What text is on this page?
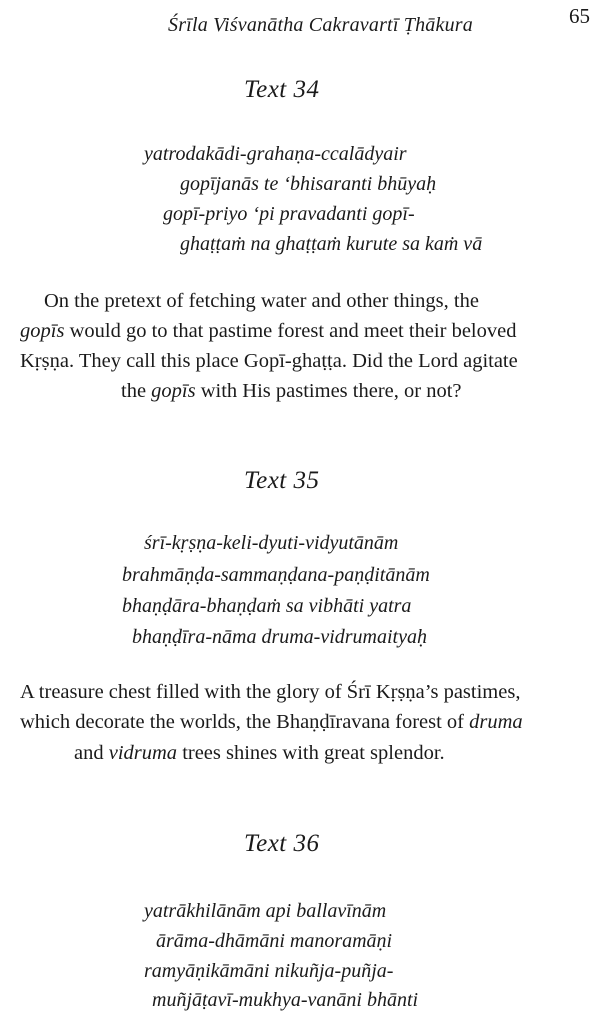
Śrīla Viśvanātha Cakravartī Ṭhākura	65
Text 34
yatrodakādi-grahaṇa-ccalādyair
gopījanās te ‘bhisaranti bhūyaḥ
gopī-priyo ‘pi pravadanti gopī-
ghaṭṭaṁ na ghaṭṭaṁ kurute sa kaṁ vā
On the pretext of fetching water and other things, the
gopīs would go to that pastime forest and meet their beloved
Kṛṣṇa. They call this place Gopī-ghaṭṭa. Did the Lord agitate
the gopīs with His pastimes there, or not?
Text 35
śrī-kṛṣṇa-keli-dyuti-vidyutānām
brahmāṇḍa-sammaṇḍana-paṇḍitānām
bhaṇḍāra-bhaṇḍaṁ sa vibhāti yatra
bhaṇḍīra-nāma druma-vidrumaityaḥ
A treasure chest filled with the glory of Śrī Kṛṣṇa’s pastimes,
which decorate the worlds, the Bhaṇḍīravana forest of druma
and vidruma trees shines with great splendor.
Text 36
yatrākhilānām api ballavīnām
ārāma-dhāmāni manoramāṇi
ramyāṇikāmāni nikuñja-puñja-
muñjāṭavī-mukhya-vanāni bhānti
